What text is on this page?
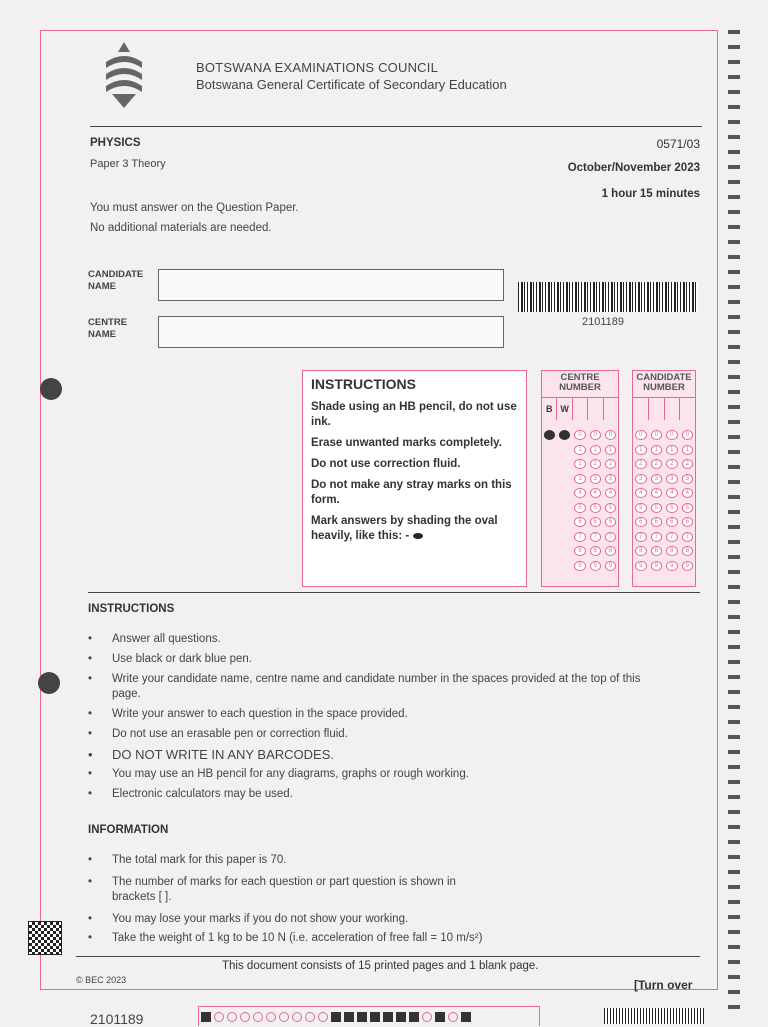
BOTSWANA EXAMINATIONS COUNCIL
Botswana General Certificate of Secondary Education
PHYSICS
Paper 3 Theory
0571/03
October/November 2023
1 hour 15 minutes
You must answer on the Question Paper.
No additional materials are needed.
CANDIDATE NAME
CENTRE NAME
2101189
INSTRUCTIONS
Shade using an HB pencil, do not use ink.
Erase unwanted marks completely.
Do not use correction fluid.
Do not make any stray marks on this form.
Mark answers by shading the oval heavily, like this: -
CENTRE NUMBER
B W
0	0	0	0	0
1	1	1
2	2	2
3	3	3
4	4	4
5	5	5
6	6	6
7	7	7
8	8	8
9	9	9
CANDIDATE NUMBER
0	0	0	0
1	1	1	1
2	2	2	2
3	3	3	3
4	4	4	4
5	5	5	5
6	6	6	6
7	7	7	7
8	8	8	8
9	9	9	9
INSTRUCTIONS
• Answer all questions.
• Use black or dark blue pen.
• Write your candidate name, centre name and candidate number in the spaces provided at the top of this page.
• Write your answer to each question in the space provided.
• Do not use an erasable pen or correction fluid.
• DO NOT WRITE IN ANY BARCODES.
• You may use an HB pencil for any diagrams, graphs or rough working.
• Electronic calculators may be used.
INFORMATION
• The total mark for this paper is 70.
• The number of marks for each question or part question is shown in brackets [ ].
• You may lose your marks if you do not show your working.
• Take the weight of 1 kg to be 10 N (i.e. acceleration of free fall = 10 m/s²)
This document consists of 15 printed pages and 1 blank page.
© BEC 2023	[Turn over
2101189
